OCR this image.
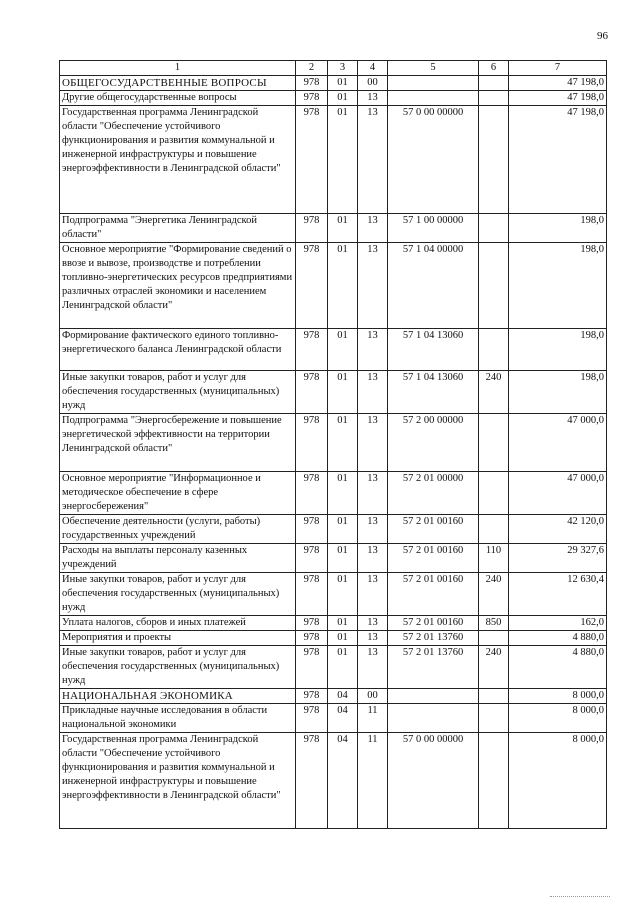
96
1	2	3	4	5	6	7
ОБЩЕГОСУДАРСТВЕННЫЕ ВОПРОСЫ	978	01	00			47 198,0
Другие общегосударственные вопросы	978	01	13			47 198,0
Государственная программа Ленинградской области "Обеспечение устойчивого функционирования и развития коммунальной и инженерной инфраструктуры и повышение энергоэффективности в Ленинградской области"	978	01	13	57 0 00 00000		47 198,0
Подпрограмма "Энергетика Ленинградской области"	978	01	13	57 1 00 00000		198,0
Основное мероприятие "Формирование сведений о ввозе и вывозе, производстве и потреблении топливно-энергетических ресурсов предприятиями различных отраслей экономики и населением Ленинградской области"	978	01	13	57 1 04 00000		198,0
Формирование фактического единого топливно-энергетического баланса Ленинградской области	978	01	13	57 1 04 13060		198,0
Иные закупки товаров, работ и услуг для обеспечения государственных (муниципальных) нужд	978	01	13	57 1 04 13060	240	198,0
Подпрограмма "Энергосбережение и повышение энергетической эффективности на территории Ленинградской области"	978	01	13	57 2 00 00000		47 000,0
Основное мероприятие "Информационное и методическое обеспечение в сфере энергосбережения"	978	01	13	57 2 01 00000		47 000,0
Обеспечение деятельности (услуги, работы) государственных учреждений	978	01	13	57 2 01 00160		42 120,0
Расходы на выплаты персоналу казенных учреждений	978	01	13	57 2 01 00160	110	29 327,6
Иные закупки товаров, работ и услуг для обеспечения государственных (муниципальных) нужд	978	01	13	57 2 01 00160	240	12 630,4
Уплата налогов, сборов и иных платежей	978	01	13	57 2 01 00160	850	162,0
Мероприятия и проекты	978	01	13	57 2 01 13760		4 880,0
Иные закупки товаров, работ и услуг для обеспечения государственных (муниципальных) нужд	978	01	13	57 2 01 13760	240	4 880,0
НАЦИОНАЛЬНАЯ ЭКОНОМИКА	978	04	00			8 000,0
Прикладные научные исследования в области национальной экономики	978	04	11			8 000,0
Государственная программа Ленинградской области "Обеспечение устойчивого функционирования и развития коммунальной и инженерной инфраструктуры и повышение энергоэффективности в Ленинградской области"	978	04	11	57 0 00 00000		8 000,0
